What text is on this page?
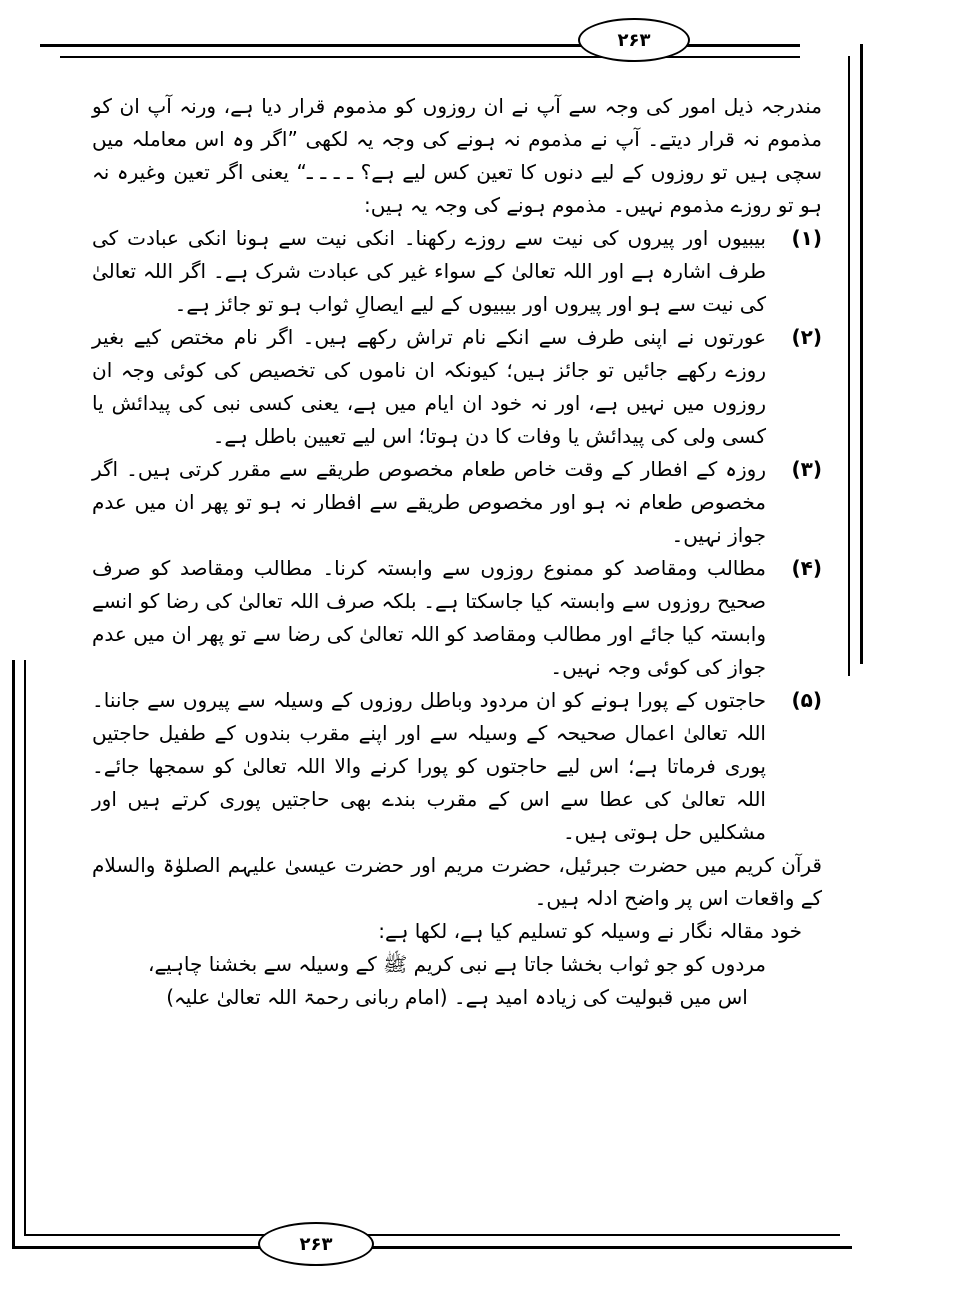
۲۶۳
۲۶۳

مندرجہ ذیل امور کی وجہ سے آپ نے ان روزوں کو مذموم قرار دیا ہے، ورنہ آپ ان کو مذموم نہ قرار دیتے۔ آپ نے مذموم نہ ہونے کی وجہ یہ لکھی ”اگر وہ اس معاملہ میں سچی ہیں تو روزوں کے لیے دنوں کا تعین کس لیے ہے؟ ـ ـ ـ ـ“ یعنی اگر تعین وغیرہ نہ ہو تو روزے مذموم نہیں۔ مذموم ہونے کی وجہ یہ ہیں:

(۱)
بیبیوں اور پیروں کی نیت سے روزے رکھنا۔ انکی نیت سے ہونا انکی عبادت کی طرف اشارہ ہے اور اللہ تعالیٰ کے سواء غیر کی عبادت شرک ہے۔ اگر اللہ تعالیٰ کی نیت سے ہو اور پیروں اور بیبیوں کے لیے ایصالِ ثواب ہو تو جائز ہے۔
(۲)
عورتوں نے اپنی طرف سے انکے نام تراش رکھے ہیں۔ اگر نام مختص کیے بغیر روزے رکھے جائیں تو جائز ہیں؛ کیونکہ ان ناموں کی تخصیص کی کوئی وجہ ان روزوں میں نہیں ہے، اور نہ خود ان ایام میں ہے، یعنی کسی نبی کی پیدائش یا کسی ولی کی پیدائش یا وفات کا دن ہوتا؛ اس لیے تعیین باطل ہے۔
(۳)
روزہ کے افطار کے وقت خاص طعام مخصوص طریقے سے مقرر کرتی ہیں۔ اگر مخصوص طعام نہ ہو اور مخصوص طریقے سے افطار نہ ہو تو پھر ان میں عدم جواز نہیں۔
(۴)
مطالب ومقاصد کو ممنوع روزوں سے وابستہ کرنا۔ مطالب ومقاصد کو صرف صحیح روزوں سے وابستہ کیا جاسکتا ہے۔ بلکہ صرف اللہ تعالیٰ کی رضا کو انسے وابستہ کیا جائے اور مطالب ومقاصد کو اللہ تعالیٰ کی رضا سے تو پھر ان میں عدم جواز کی کوئی وجہ نہیں۔
(۵)
حاجتوں کے پورا ہونے کو ان مردود وباطل روزوں کے وسیلہ سے پیروں سے جاننا۔ اللہ تعالیٰ اعمال صحیحہ کے وسیلہ سے اور اپنے مقرب بندوں کے طفیل حاجتیں پوری فرماتا ہے؛ اس لیے حاجتوں کو پورا کرنے والا اللہ تعالیٰ کو سمجھا جائے۔ اللہ تعالیٰ کی عطا سے اس کے مقرب بندے بھی حاجتیں پوری کرتے ہیں اور مشکلیں حل ہوتی ہیں۔

قرآن کریم میں حضرت جبرئیل، حضرت مریم اور حضرت عیسیٰ علیہم الصلوٰۃ والسلام کے واقعات اس پر واضح ادلہ ہیں۔

خود مقالہ نگار نے وسیلہ کو تسلیم کیا ہے، لکھا ہے:

مردوں کو جو ثواب بخشا جاتا ہے نبی کریم ﷺ کے وسیلہ سے بخشنا چاہیے،

اس میں قبولیت کی زیادہ امید ہے۔ (امام ربانی رحمۃ اللہ تعالیٰ علیہ)
